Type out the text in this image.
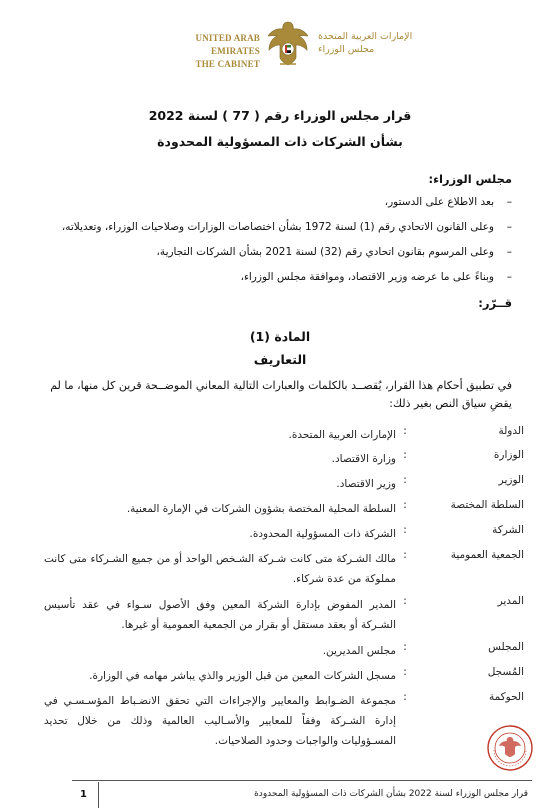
UNITED ARAB EMIRATES
THE CABINET
الإمارات العربية المتحدة
مجلس الوزراء
قرار مجلس الوزراء رقم ( 77 ) لسنة 2022
بشأن الشركات ذات المسؤولية المحدودة
مجلس الوزراء:
–بعد الاطلاع على الدستور،
–وعلى القانون الاتحادي رقم (1) لسنة 1972 بشأن اختصاصات الوزارات وصلاحيات الوزراء، وتعديلاته،
–وعلى المرسوم بقانون اتحادي رقم (32) لسنة 2021 بشأن الشركات التجارية،
–وبناءً على ما عرضه وزير الاقتصاد، وموافقة مجلس الوزراء،
قــرّر:
المادة (1)
التعاريف
في تطبيق أحكام هذا القرار، يُقصــد بالكلمات والعبارات التالية المعاني الموضــحة قرين كل منها، ما لم يقضِ سياق النص بغير ذلك:
الدولة
:
الإمارات العربية المتحدة.
الوزارة
:
وزارة الاقتصاد.
الوزير
:
وزير الاقتصاد.
السلطة المختصة
:
السلطة المحلية المختصة بشؤون الشركات في الإمارة المعنية.
الشركة
:
الشركة ذات المسؤولية المحدودة.
الجمعية العمومية
:
مالك الشـركة متى كانت شـركة الشـخص الواحد أو من جميع الشـركاء متى كانت مملوكة من عدة شركاء.
المدير
:
المدير المفوض بإدارة الشركة المعين وفق الأصول سـواء في عقد تأسيس الشـركة أو بعقد مستقل أو بقرار من الجمعية العمومية أو غيرها.
المجلس
:
مجلس المديرين.
المُسجل
:
مسجل الشركات المعين من قبل الوزير والذي يباشر مهامه في الوزارة.
الحوكمة
:
مجموعة الضـوابط والمعايير والإجراءات التي تحقق الانضـباط المؤسـسـي في إدارة الشـركة وفقاً للمعايير والأسـاليب العالمية وذلك من خلال تحديد المسـؤوليات والواجبات وحدود الصلاحيات.
1	قرار مجلس الوزراء لسنة 2022 بشأن الشركات ذات المسؤولية المحدودة
